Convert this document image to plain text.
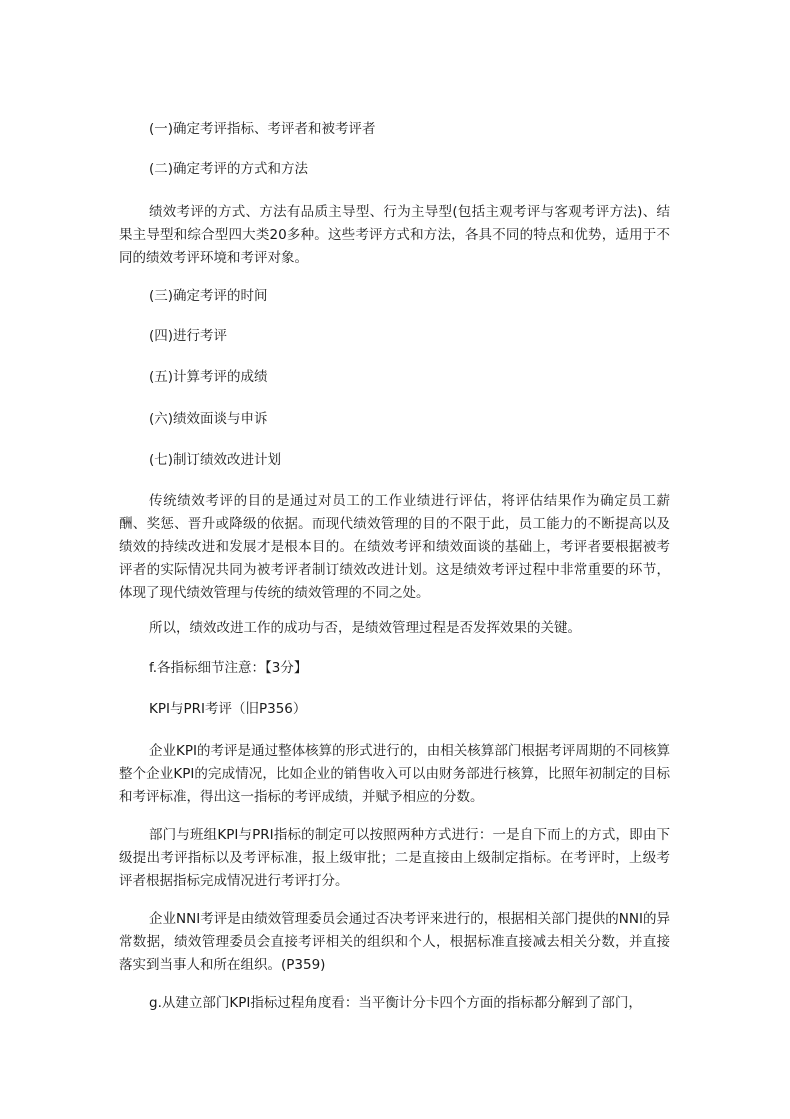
(一)确定考评指标、考评者和被考评者
(二)确定考评的方式和方法
绩效考评的方式、方法有品质主导型、行为主导型(包括主观考评与客观考评方法)、结果主导型和综合型四大类20多种。这些考评方式和方法，各具不同的特点和优势，适用于不同的绩效考评环境和考评对象。
(三)确定考评的时间
(四)进行考评
(五)计算考评的成绩
(六)绩效面谈与申诉
(七)制订绩效改进计划
传统绩效考评的目的是通过对员工的工作业绩进行评估，将评估结果作为确定员工薪酬、奖惩、晋升或降级的依据。而现代绩效管理的目的不限于此，员工能力的不断提高以及绩效的持续改进和发展才是根本目的。在绩效考评和绩效面谈的基础上，考评者要根据被考评者的实际情况共同为被考评者制订绩效改进计划。这是绩效考评过程中非常重要的环节，体现了现代绩效管理与传统的绩效管理的不同之处。
所以，绩效改进工作的成功与否，是绩效管理过程是否发挥效果的关键。
f.各指标细节注意：【3分】
KPI与PRI考评（旧P356）
企业KPI的考评是通过整体核算的形式进行的，由相关核算部门根据考评周期的不同核算整个企业KPI的完成情况，比如企业的销售收入可以由财务部进行核算，比照年初制定的目标和考评标准，得出这一指标的考评成绩，并赋予相应的分数。
部门与班组KPI与PRI指标的制定可以按照两种方式进行：一是自下而上的方式，即由下级提出考评指标以及考评标准，报上级审批；二是直接由上级制定指标。在考评时，上级考评者根据指标完成情况进行考评打分。
企业NNI考评是由绩效管理委员会通过否决考评来进行的，根据相关部门提供的NNI的异常数据，绩效管理委员会直接考评相关的组织和个人，根据标准直接减去相关分数，并直接落实到当事人和所在组织。(P359)
g.从建立部门KPI指标过程角度看：当平衡计分卡四个方面的指标都分解到了部门，
